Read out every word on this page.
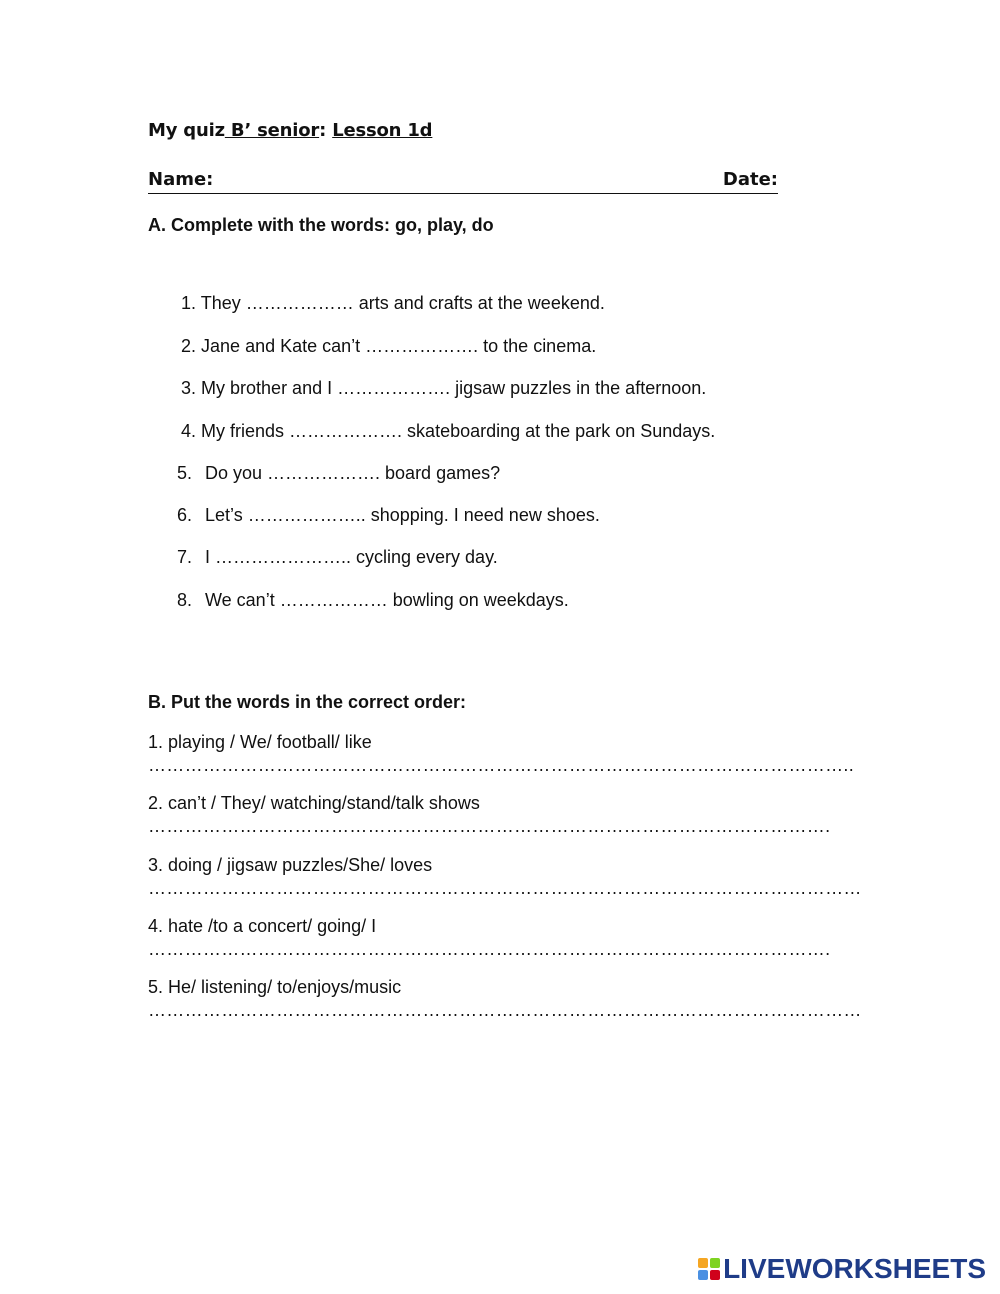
My quiz B’ senior: Lesson 1d
Name:	Date:
A. Complete with the words: go, play, do
1. They ……………… arts and crafts at the weekend.
2. Jane and Kate can’t ………………. to the cinema.
3. My brother and I ………………. jigsaw puzzles in the afternoon.
4. My friends ………………. skateboarding at the park on Sundays.
5. Do you ………………. board games?
6. Let’s ……………….. shopping. I need new shoes.
7. I ………………….. cycling every day.
8. We can’t ……………… bowling on weekdays.
B. Put the words in the correct order:
1. playing / We/ football/ like
……………………………………………………………………………………………………..
2. can’t / They/ watching/stand/talk shows
………………………………………………………………………………………………….
3. doing / jigsaw puzzles/She/ loves
………………………………………………………………………………………………………
4. hate /to a concert/ going/ I
………………………………………………………………………………………………….
5. He/ listening/ to/enjoys/music
………………………………………………………………………………………………………
LIVEWORKSHEETS
